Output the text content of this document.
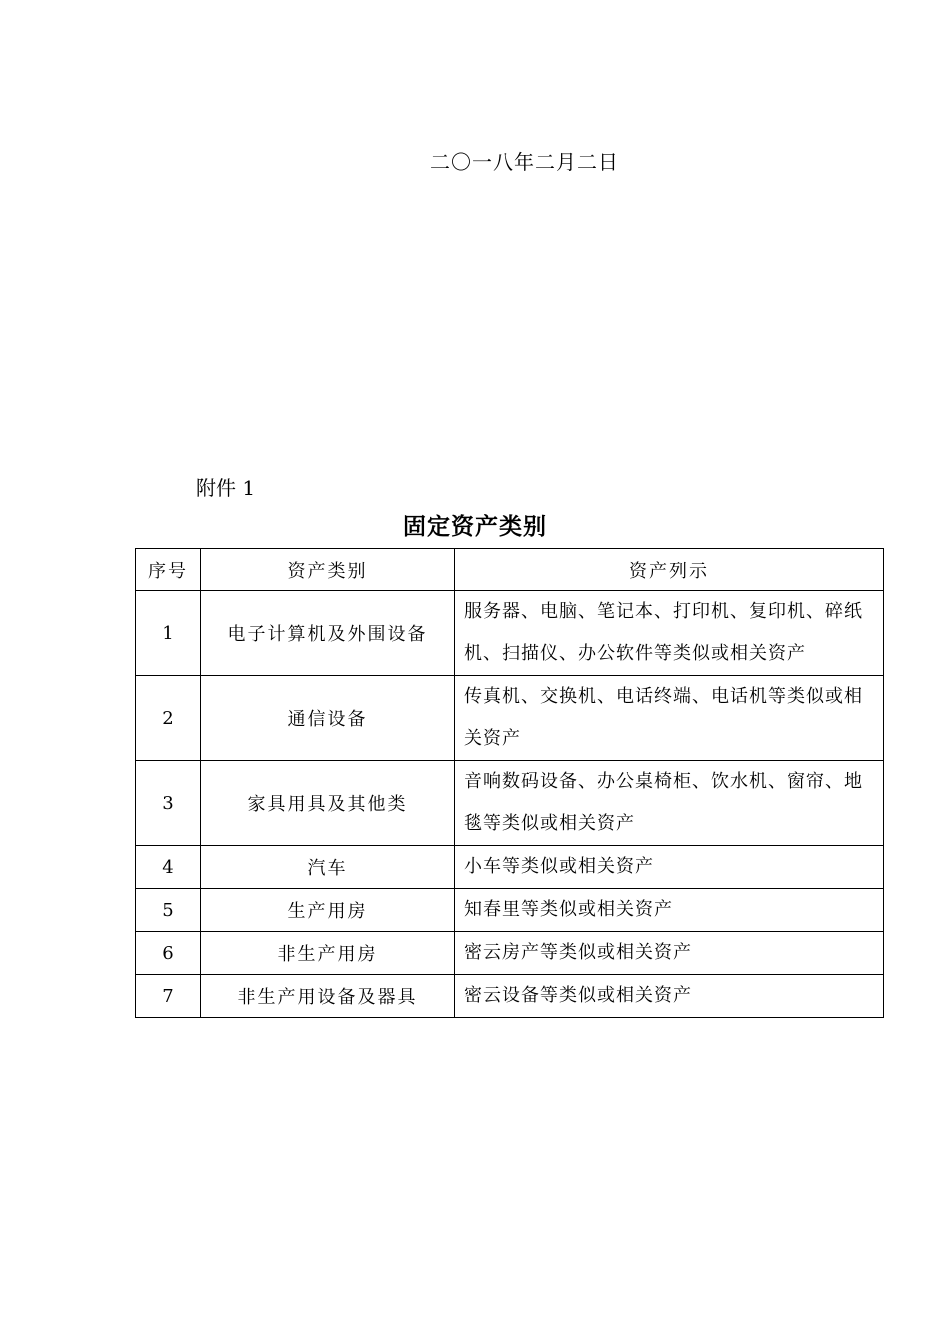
二〇一八年二月二日
附件 1
固定资产类别
序号	资产类别	资产列示
1	电子计算机及外围设备	服务器、电脑、笔记本、打印机、复印机、碎纸机、扫描仪、办公软件等类似或相关资产
2	通信设备	传真机、交换机、电话终端、电话机等类似或相关资产
3	家具用具及其他类	音响数码设备、办公桌椅柜、饮水机、窗帘、地毯等类似或相关资产
4	汽车	小车等类似或相关资产
5	生产用房	知春里等类似或相关资产
6	非生产用房	密云房产等类似或相关资产
7	非生产用设备及器具	密云设备等类似或相关资产
